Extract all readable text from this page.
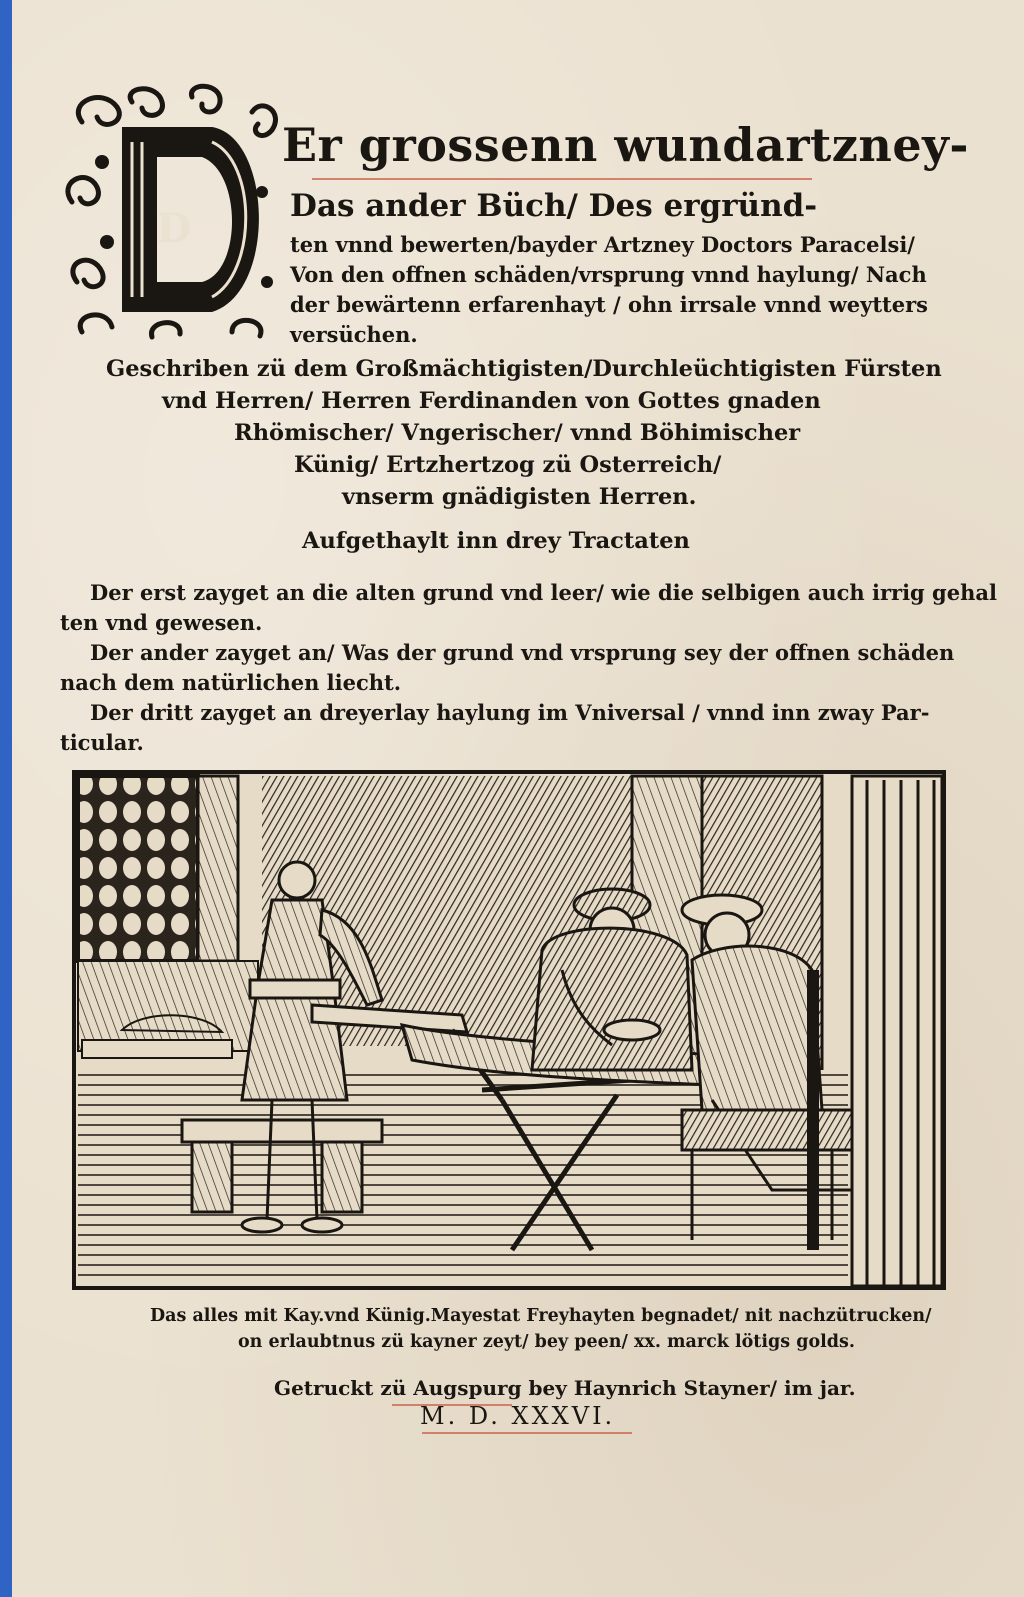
D
Er grossenn wundartzney-
Das ander Büch/ Des ergründ-
ten vnnd bewerten/bayder Artzney Doctors Paracelsi/
Von den offnen schäden/vrsprung vnnd haylung/ Nach
der bewärtenn erfarenhayt / ohn irrsale vnnd weytters
versüchen.
Geschriben zü dem Großmächtigisten/Durchleüchtigisten Fürsten
vnd Herren/ Herren Ferdinanden von Gottes gnaden
Rhömischer/ Vngerischer/ vnnd Böhimischer
Künig/ Ertzhertzog zü Osterreich/
vnserm gnädigisten Herren.
Aufgethaylt inn drey Tractaten
Der erst zayget an die alten grund vnd leer/ wie die selbigen auch irrig gehal
ten vnd gewesen.
Der ander zayget an/ Was der grund vnd vrsprung sey der offnen schäden
nach dem natürlichen liecht.
Der dritt zayget an dreyerlay haylung im Vniversal / vnnd inn zway Par-
ticular.
Das alles mit Kay.vnd Künig.Mayestat Freyhayten begnadet/ nit nachzütrucken/
on erlaubtnus zü kayner zeyt/ bey peen/ xx. marck lötigs golds.
Getruckt zü Augspurg bey Haynrich Stayner/ im jar.
M. D. XXXVI.
